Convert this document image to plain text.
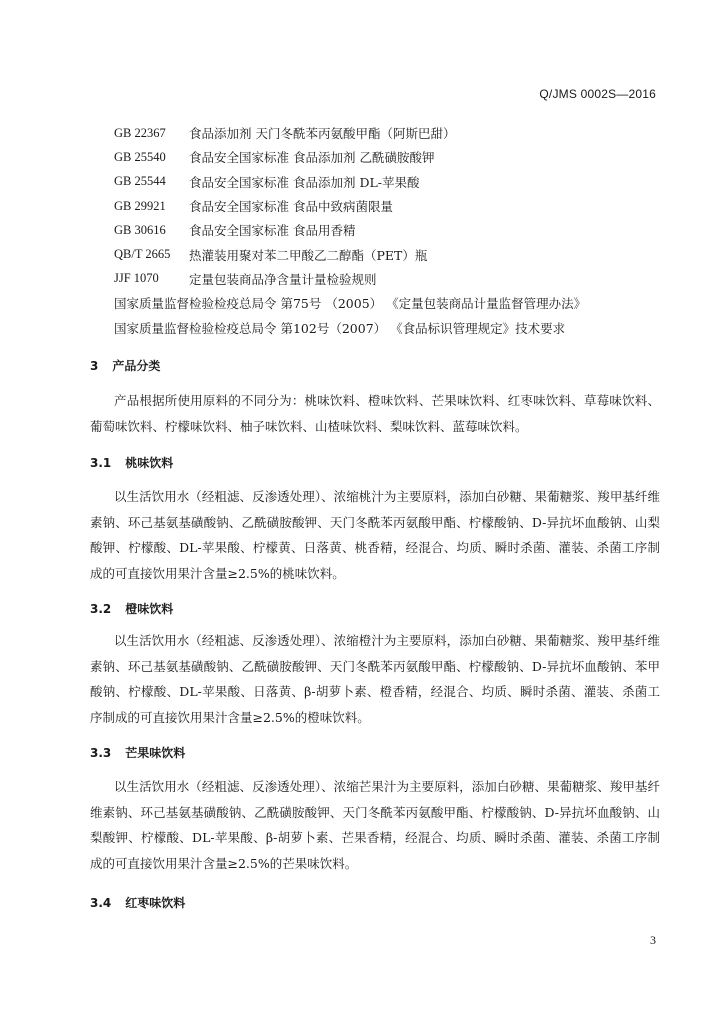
Q/JMS 0002S—2016
GB 22367	食品添加剂 天门冬酰苯丙氨酸甲酯（阿斯巴甜）
GB 25540	食品安全国家标准 食品添加剂 乙酰磺胺酸钾
GB 25544	食品安全国家标准 食品添加剂 DL-苹果酸
GB 29921	食品安全国家标准 食品中致病菌限量
GB 30616	食品安全国家标准 食品用香精
QB/T 2665	热灌装用聚对苯二甲酸乙二醇酯（PET）瓶
JJF 1070	定量包装商品净含量计量检验规则
国家质量监督检验检疫总局令 第75号 （2005） 《定量包装商品计量监督管理办法》
国家质量监督检验检疫总局令 第102号（2007） 《食品标识管理规定》技术要求
3 产品分类
产品根据所使用原料的不同分为：桃味饮料、橙味饮料、芒果味饮料、红枣味饮料、草莓味饮料、葡萄味饮料、柠檬味饮料、柚子味饮料、山楂味饮料、梨味饮料、蓝莓味饮料。
3.1 桃味饮料
以生活饮用水（经粗滤、反渗透处理）、浓缩桃汁为主要原料，添加白砂糖、果葡糖浆、羧甲基纤维素钠、环己基氨基磺酸钠、乙酰磺胺酸钾、天门冬酰苯丙氨酸甲酯、柠檬酸钠、D-异抗坏血酸钠、山梨酸钾、柠檬酸、DL-苹果酸、柠檬黄、日落黄、桃香精，经混合、均质、瞬时杀菌、灌装、杀菌工序制成的可直接饮用果汁含量≥2.5%的桃味饮料。
3.2 橙味饮料
以生活饮用水（经粗滤、反渗透处理）、浓缩橙汁为主要原料，添加白砂糖、果葡糖浆、羧甲基纤维素钠、环己基氨基磺酸钠、乙酰磺胺酸钾、天门冬酰苯丙氨酸甲酯、柠檬酸钠、D-异抗坏血酸钠、苯甲酸钠、柠檬酸、DL-苹果酸、日落黄、β-胡萝卜素、橙香精，经混合、均质、瞬时杀菌、灌装、杀菌工序制成的可直接饮用果汁含量≥2.5%的橙味饮料。
3.3 芒果味饮料
以生活饮用水（经粗滤、反渗透处理）、浓缩芒果汁为主要原料，添加白砂糖、果葡糖浆、羧甲基纤维素钠、环己基氨基磺酸钠、乙酰磺胺酸钾、天门冬酰苯丙氨酸甲酯、柠檬酸钠、D-异抗坏血酸钠、山梨酸钾、柠檬酸、DL-苹果酸、β-胡萝卜素、芒果香精，经混合、均质、瞬时杀菌、灌装、杀菌工序制成的可直接饮用果汁含量≥2.5%的芒果味饮料。
3.4 红枣味饮料
3
